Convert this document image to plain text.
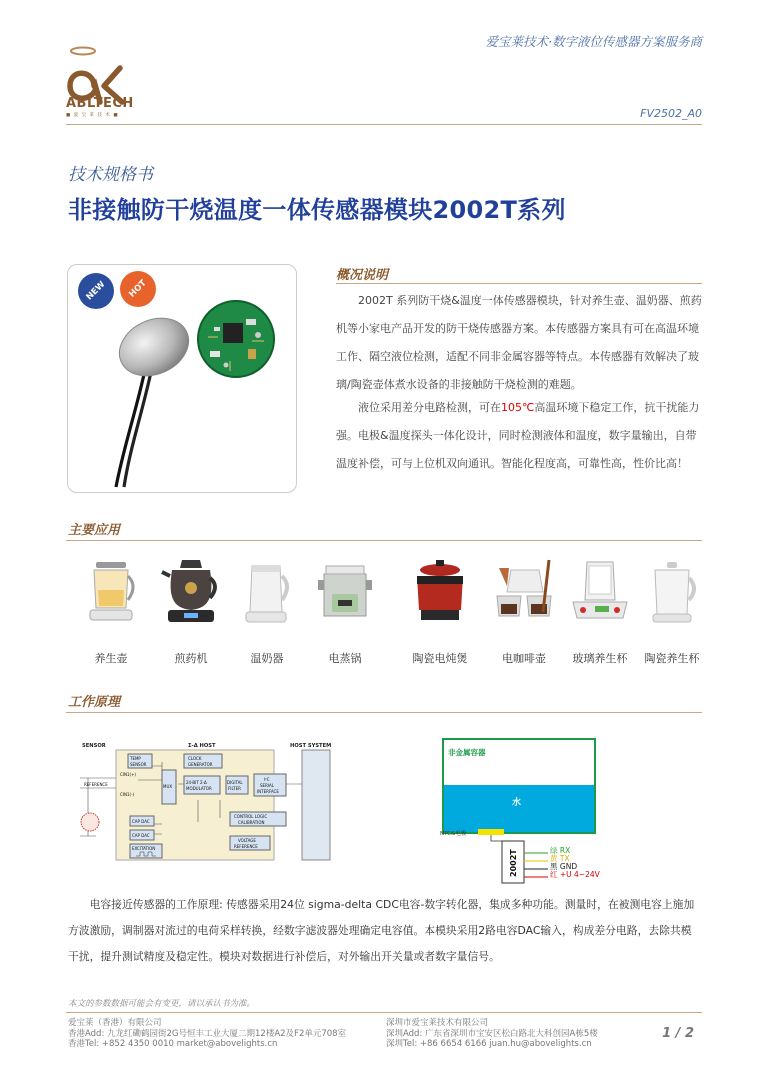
爱宝莱技术·数字液位传感器方案服务商
ABLTECH
■ 爱 宝 莱 技 术 ■	FV2502_A0
技术规格书
非接触防干烧温度一体传感器模块2002T系列
NEW	HOT
概况说明
2002T 系列防干烧&温度一体传感器模块，针对养生壶、温奶器、煎药机等小家电产品开发的防干烧传感器方案。本传感器方案具有可在高温环境工作、隔空液位检测，适配不同非金属容器等特点。本传感器有效解决了玻璃/陶瓷壶体煮水设备的非接触防干烧检测的难题。
液位采用差分电路检测，可在105℃高温环境下稳定工作，抗干扰能力强。电极&温度探头一体化设计，同时检测液体和温度，数字量输出，自带温度补偿，可与上位机双向通讯。智能化程度高，可靠性高，性价比高！
主要应用
养生壶	煎药机	温奶器	电蒸锅	陶瓷电炖煲	电咖啡壶	玻璃养生杯	陶瓷养生杯
工作原理
SENSOR	Σ-Δ HOST	HOST SYSTEM
TEMP
SENSOR
CLOCK
GENERATOR
CIN1(+)
REFERENCE
CIN1(-)
MUX
24-BIT Σ-Δ
MODULATOR
DIGITAL
FILTER
I²C
SERIAL
INTERFACE
CONTROL LOGIC
CALIBRATION
VOLTAGE
REFERENCE
CAP DAC
CAP DAC
EXCITATION
非金属容器
水
NTC&电极
2002T	绿 RX
黄 TX
黑 GND
红 +U 4~24V
电容接近传感器的工作原理: 传感器采用24位 sigma-delta CDC电容-数字转化器，集成多种功能。测量时，在被测电容上施加方波激励，调制器对流过的电荷采样转换，经数字滤波器处理确定电容值。本模块采用2路电容DAC输入，构成差分电路，去除共模干扰，提升测试精度及稳定性。模块对数据进行补偿后，对外输出开关量或者数字量信号。
本文的参数数据可能会有变更，请以承认书为准。
爱宝莱（香港）有限公司
香港Add: 九龙红磡鹤园街2G号恒丰工业大厦二期12楼A2及F2单元708室
香港Tel: +852 4350 0010 market@abovelights.cn
深圳市爱宝莱技术有限公司
深圳Add: 广东省深圳市宝安区松白路北大科创园A栋5楼
深圳Tel: +86 6654 6166 juan.hu@abovelights.cn
1 / 2
